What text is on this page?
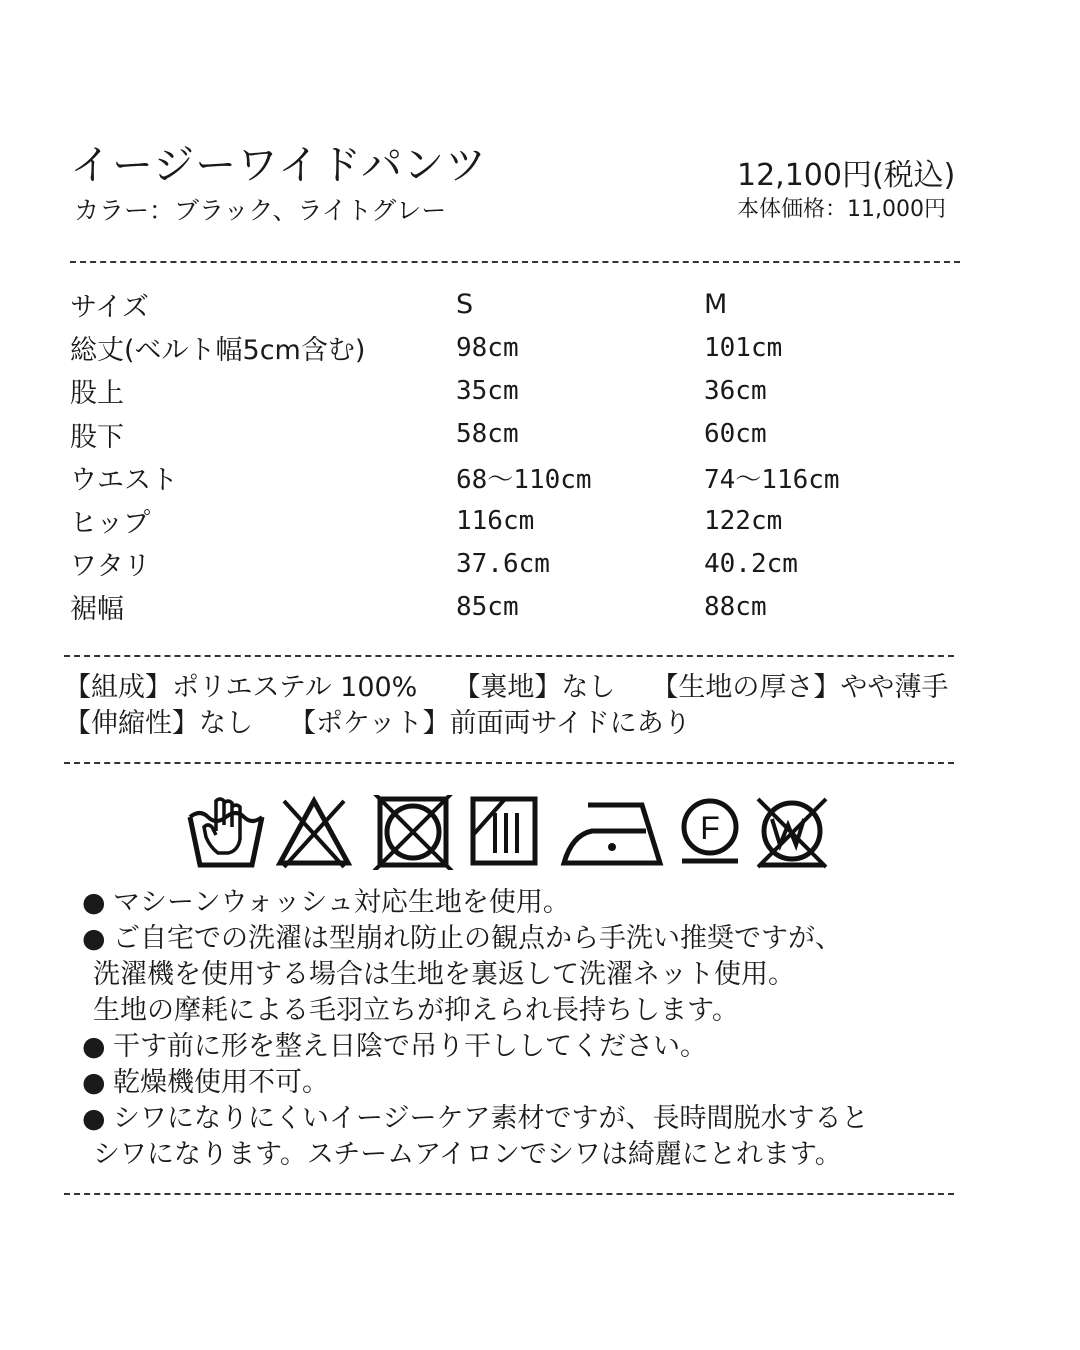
イージーワイドパンツ
カラー：ブラック、ライトグレー
12,100円(税込)
本体価格：11,000円
サイズ	S	M
総丈(ベルト幅5cm含む)	98cm	101cm
股上	35cm	36cm
股下	58cm	60cm
ウエスト	68～110cm	74～116cm
ヒップ	116cm	122cm
ワタリ	37.6cm	40.2cm
裾幅	85cm	88cm
【組成】ポリエステル 100% 【裏地】なし 【生地の厚さ】やや薄手
【伸縮性】なし 【ポケット】前面両サイドにあり
F
● マシーンウォッシュ対応生地を使用。
● ご自宅での洗濯は型崩れ防止の観点から手洗い推奨ですが、
洗濯機を使用する場合は生地を裏返して洗濯ネット使用。
生地の摩耗による毛羽立ちが抑えられ長持ちします。
● 干す前に形を整え日陰で吊り干ししてください。
● 乾燥機使用不可。
● シワになりにくいイージーケア素材ですが、長時間脱水すると
シワになります。スチームアイロンでシワは綺麗にとれます。
